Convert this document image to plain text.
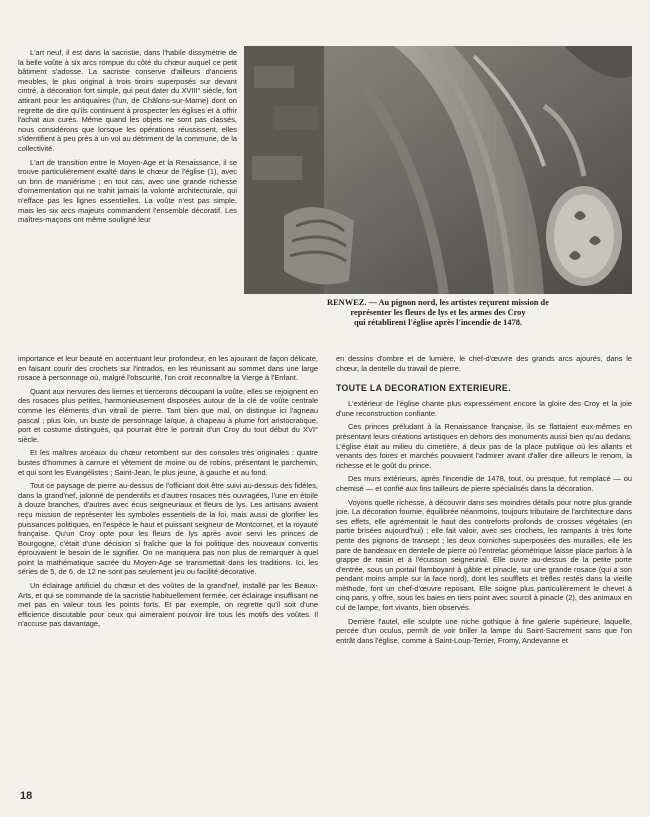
L'art neuf, il est dans la sacristie, dans l'habile dissymétrie de la belle voûte à six arcs rompue du côté du chœur auquel ce petit bâtiment s'adosse. La sacristie conserve d'ailleurs d'anciens meubles, le plus original à trois tiroirs superposés sur devant cintré, à décoration fort simple, qui peut dater du XVIII° siècle, fort attirant pour les antiquaires (l'un, de Châlons-sur-Marne) dont on regrette de dire qu'ils continuent à prospecter les églises et à offrir l'achat aux curés. Même quand les objets ne sont pas classés, nous considérons que lorsque les opérations réussissent, elles s'identifient à peu près à un vol au détriment de la commune, de la collectivité.

L'art de transition entre le Moyen-Age et la Renaissance, il se trouve particulièrement exalté dans le chœur de l'église (1), avec un brin de maniérisme ; en tout cas, avec une grande richesse d'ornementation qui ne trahit jamais la volonté architecturale, qui n'efface pas les lignes essentielles. La voûte n'est pas simple, mais les six arcs majeurs commandent l'ensemble décoratif. Les maîtres-maçons ont même souligné leur

RENWEZ. — Au pignon nord, les artistes reçurent mission de
représenter les fleurs de lys et les armes des Croy
qui rétablirent l'église après l'incendie de 1478.

importance et leur beauté en accentuant leur profondeur, en les ajourant de façon délicate, en faisant courir des crochets sur l'intrados, en les réunissant au sommet dans une large rosace à personnage où, malgré l'obscurité, l'on croit reconnaître la Vierge à l'Enfant.

Quant aux nervures des liernes et tiercerons découpant la voûte, elles se rejoignent en des rosaces plus petites, harmonieusement disposées autour de la clé de voûte centrale comme les éléments d'un vitrail de pierre. Tant bien que mal, on distingue ici l'agneau pascal ; plus loin, un buste de personnage laïque, à chapeau à plume fort aristocratique, port et costume distingués, qui pourrait être le portrait d'un Croy du tout début du XVI° siècle.

Et les maîtres arceaux du chœur retombent sur des consoles très originales : quatre bustes d'hommes à carrure et vêtement de moine ou de robins, présentant le parchemin, et qui sont les Evangélistes ; Saint-Jean, le plus jeune, à gauche et au fond.

Tout ce paysage de pierre au-dessus de l'officiant doit être suivi au-dessus des fidèles, dans la grand'nef, jalonné de pendentifs et d'autres rosaces très ouvragées, l'une en étoile à douze branches, d'autres avec écus seigneuriaux et fleurs de lys. Les artisans avaient reçu mission de représenter les symboles essentiels de la foi, mais aussi de glorifier les puissances politiques, en l'espèce le haut et puissant seigneur de Montcornet, et la royauté française. Qu'un Croy opte pour les fleurs de lys après avoir servi les princes de Bourgogne, c'était d'une décision si fraîche que la foi politique des nouveaux convertis éprouvaient le besoin de le signifier. On ne manquera pas non plus de remarquer à quel point la mathématique sacrée du Moyen-Age se transmettait dans les traditions. Ici, les séries de 5, de 6, de 12 ne sont pas seulement jeu ou facilité décorative.

Un éclairage artificiel du chœur et des voûtes de la grand'nef, installé par les Beaux-Arts, et qui se commande de la sacristie habituellement fermée, cet éclairage insuffisant ne met pas en valeur tous les points forts. Et par exemple, on regrette qu'il soit d'une efficience discutable pour ceux qui aimeraient pouvoir lire tous les motifs des voûtes. Il n'accuse pas davantage,

en dessins d'ombre et de lumière, le chef-d'œuvre des grands arcs ajourés, dans le chœur, la dentelle du travail de pierre.

TOUTE LA DECORATION EXTERIEURE.

L'extérieur de l'église chante plus expressément encore la gloire des Croy et la joie d'une reconstruction confiante.

Ces princes préludant à la Renaissance française, ils se flattaient eux-mêmes en présentant leurs créations artistiques en dehors des monuments aussi bien qu'au dedans. L'église était au milieu du cimetière, à deux pas de la place publique où les allants et venants des foires et marchés pouvaient l'admirer avant d'aller dire ailleurs le renom, la richesse et le goût du prince.

Des murs extérieurs, après l'incendie de 1478, tout, ou presque, fut remplacé — ou chemisé — et confié aux fins tailleurs de pierre spécialisés dans la décoration.

Voyons quelle richesse, à découvrir dans ses moindres détails pour notre plus grande joie. La décoration fournie, équilibrée néanmoins, toujours tributaire de l'architecture dans ses effets, elle agrémentait le haut des contreforts profonds de crosses végétales (en partie brisées aujourd'hui) ; elle fait valoir, avec ses crochets, les rampants à très forte pente des pignons de transept ; les deux corniches superposées des murailles, elle les pare de bandeaux en dentelle de pierre où l'entrelac géométrique laisse place parfois à la grappe de raisin et à l'écusson seigneurial. Elle ouvre au-dessus de la petite porte d'entrée, sous un portail flamboyant à gâble et pinacle, sur une grande rosace (qui a son pendant moins ample sur la face nord), dont les soufflets et trèfles restés dans la vieille méthode, font un chef-d'œuvre reposant. Elle soigne plus particulièrement le chevet à cinq pans, y offre, sous les baies en tiers point avec sourcil à pinacle (2), des animaux en cul de lampe, fort vivants, bien observés.

Derrière l'autel, elle sculpte une niche gothique à fine galerie supérieure, laquelle, percée d'un oculus, permît de voir briller la lampe du Saint-Sacrement sans que l'on entrât dans l'église, comme à Saint-Loup-Terrier, Fromy, Andevanne et

18
